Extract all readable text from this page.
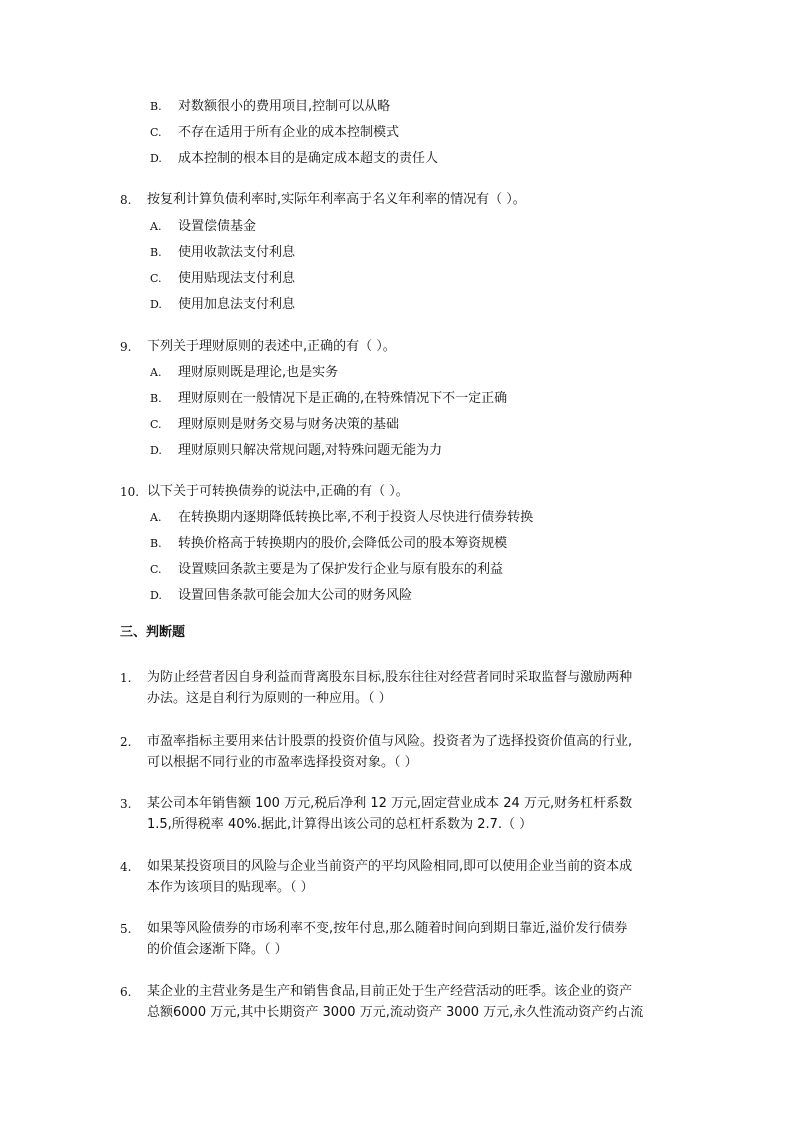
B. 对数额很小的费用项目,控制可以从略
C. 不存在适用于所有企业的成本控制模式
D. 成本控制的根本目的是确定成本超支的责任人
8. 按复利计算负债利率时,实际年利率高于名义年利率的情况有（ ）。
A. 设置偿债基金
B. 使用收款法支付利息
C. 使用贴现法支付利息
D. 使用加息法支付利息
9. 下列关于理财原则的表述中,正确的有（ ）。
A. 理财原则既是理论,也是实务
B. 理财原则在一般情况下是正确的,在特殊情况下不一定正确
C. 理财原则是财务交易与财务决策的基础
D. 理财原则只解决常规问题,对特殊问题无能为力
10. 以下关于可转换债券的说法中,正确的有（ ）。
A. 在转换期内逐期降低转换比率,不利于投资人尽快进行债券转换
B. 转换价格高于转换期内的股价,会降低公司的股本筹资规模
C. 设置赎回条款主要是为了保护发行企业与原有股东的利益
D. 设置回售条款可能会加大公司的财务风险
三、判断题
1. 为防止经营者因自身利益而背离股东目标,股东往往对经营者同时采取监督与激励两种
办法。这是自利行为原则的一种应用。（ ）
2. 市盈率指标主要用来估计股票的投资价值与风险。投资者为了选择投资价值高的行业,
可以根据不同行业的市盈率选择投资对象。（ ）
3. 某公司本年销售额 100 万元,税后净利 12 万元,固定营业成本 24 万元,财务杠杆系数
1.5,所得税率 40%.据此,计算得出该公司的总杠杆系数为 2.7.（ ）
4. 如果某投资项目的风险与企业当前资产的平均风险相同,即可以使用企业当前的资本成
本作为该项目的贴现率。（ ）
5. 如果等风险债券的市场利率不变,按年付息,那么随着时间向到期日靠近,溢价发行债券
的价值会逐渐下降。（ ）
6. 某企业的主营业务是生产和销售食品,目前正处于生产经营活动的旺季。该企业的资产
总额6000 万元,其中长期资产 3000 万元,流动资产 3000 万元,永久性流动资产约占流
